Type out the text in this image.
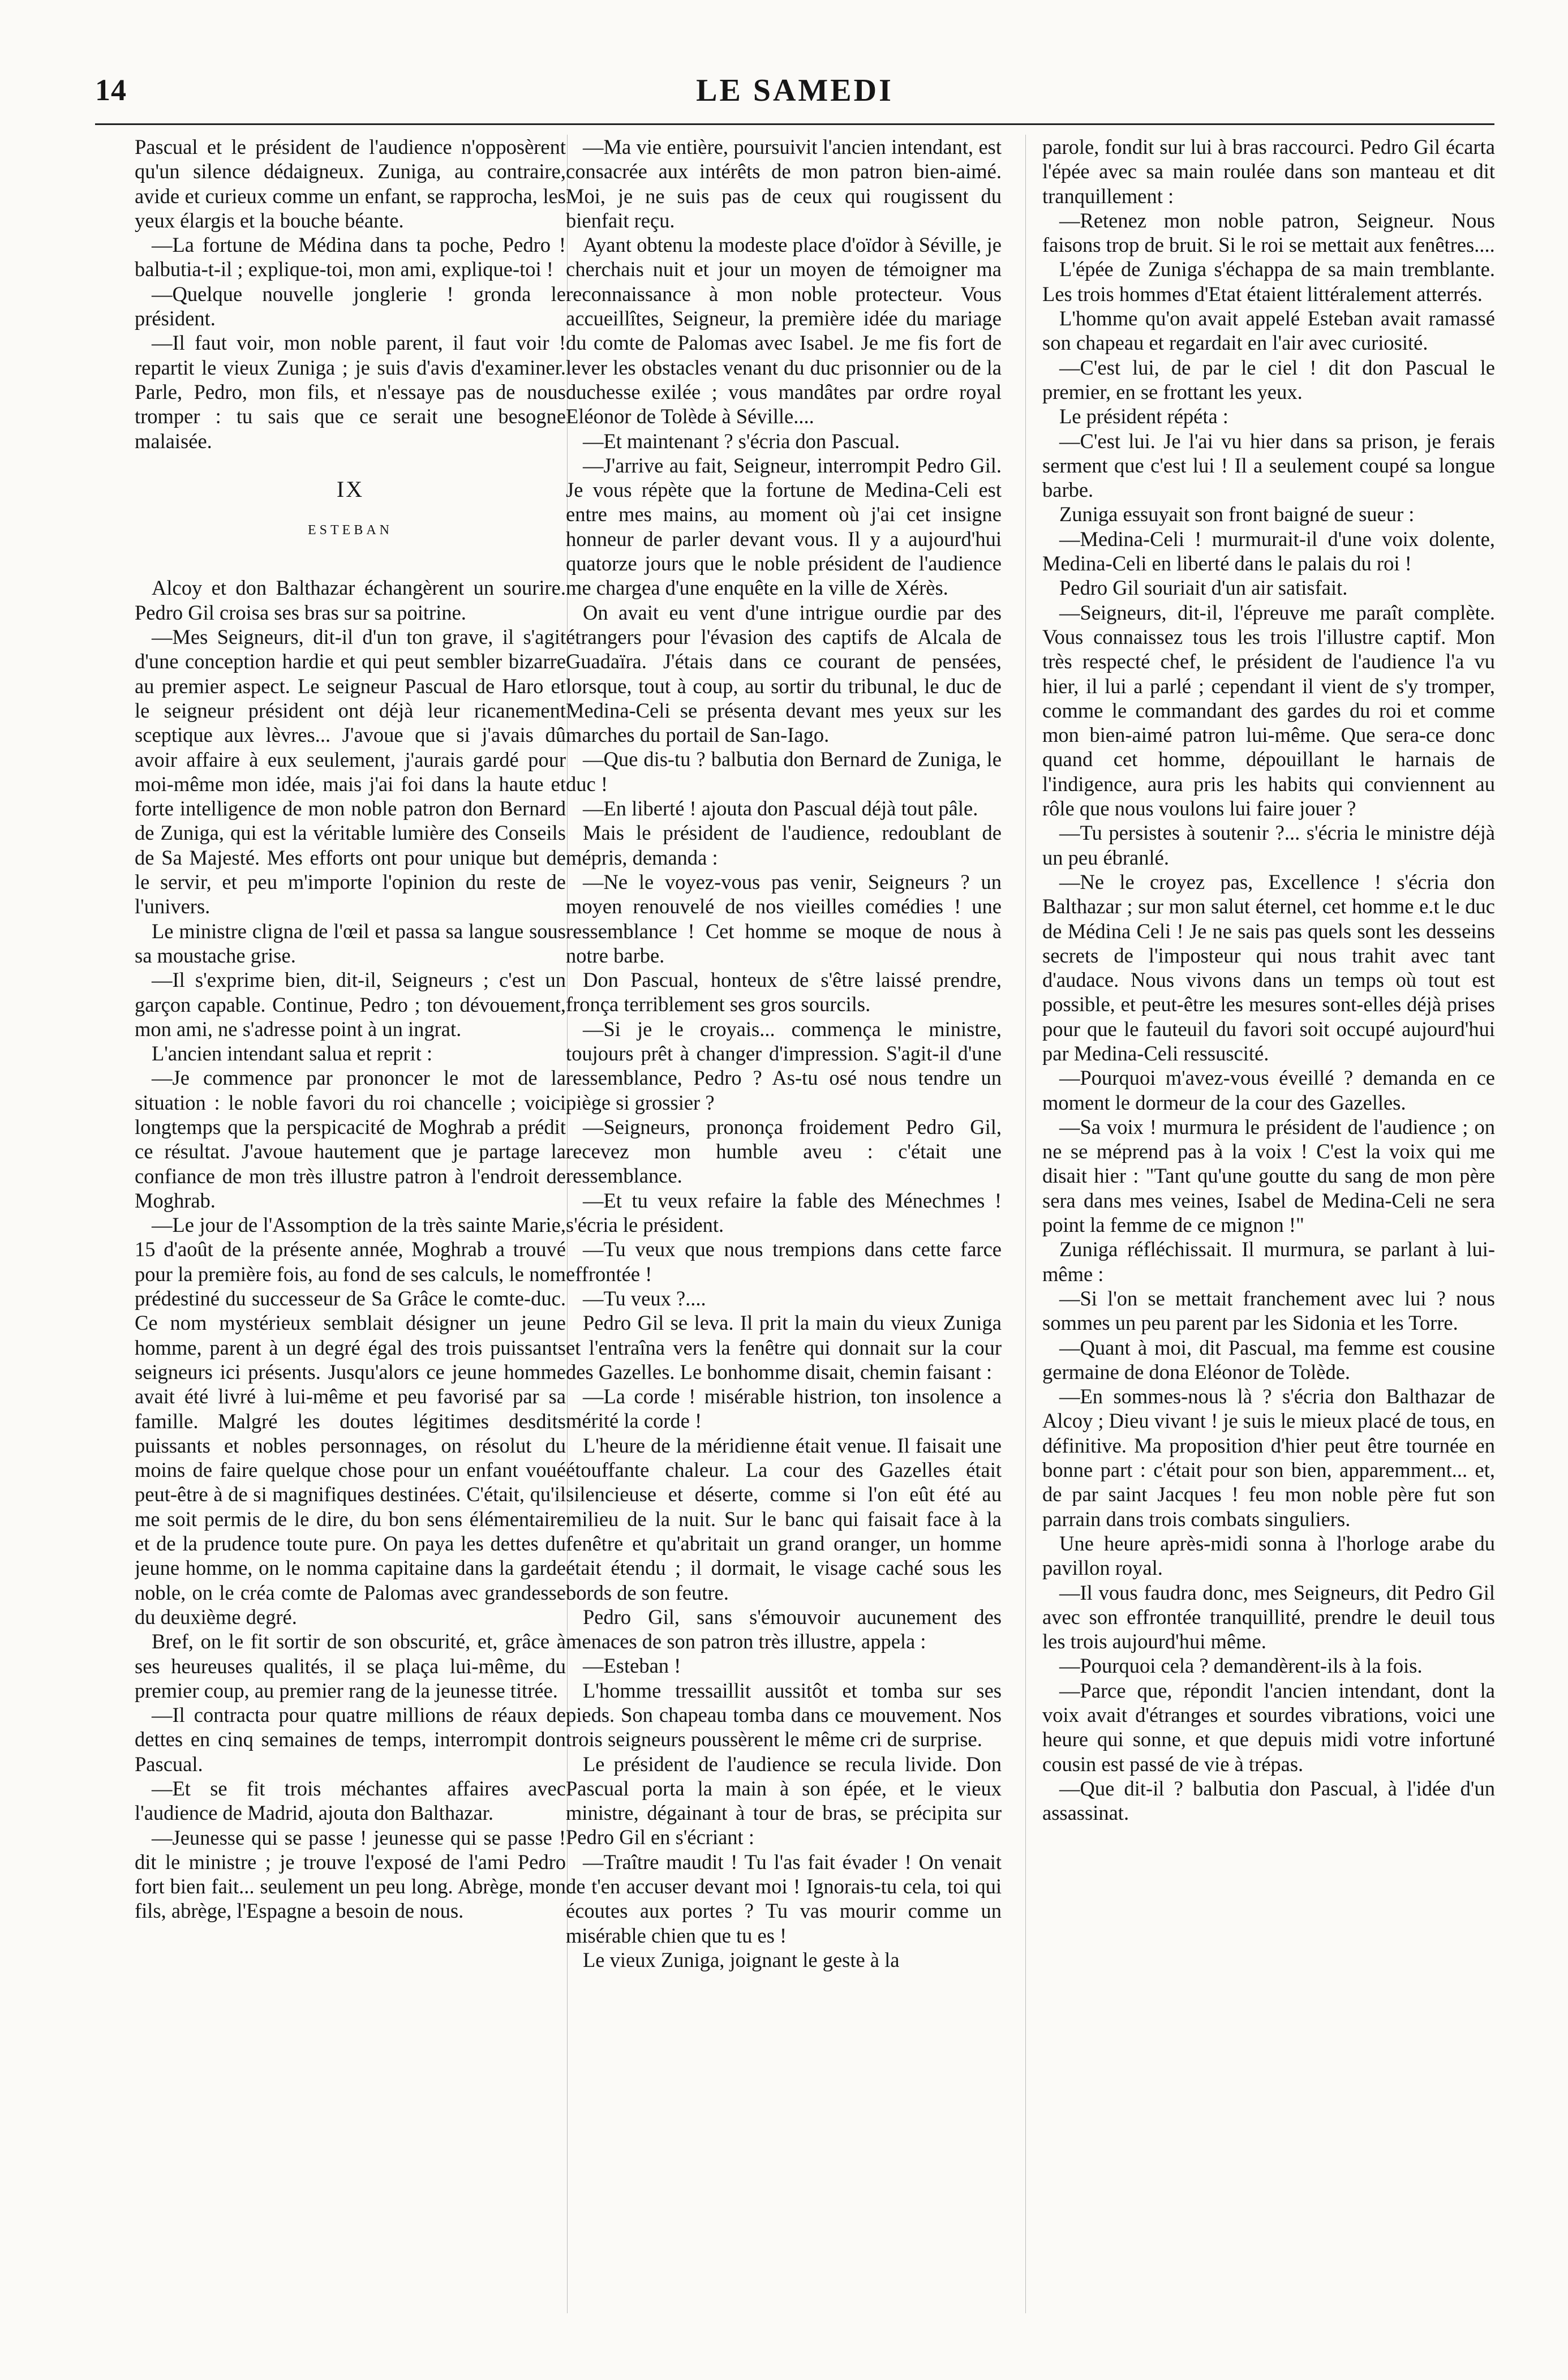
14	LE SAMEDI

Pascual et le président de l'audience n'opposèrent qu'un silence dédaigneux. Zuniga, au contraire, avide et curieux comme un enfant, se rapprocha, les yeux élargis et la bouche béante.

—La fortune de Médina dans ta poche, Pedro ! balbutia-t-il ; explique-toi, mon ami, explique-toi !

—Quelque nouvelle jonglerie ! gronda le président.

—Il faut voir, mon noble parent, il faut voir ! repartit le vieux Zuniga ; je suis d'avis d'examiner. Parle, Pedro, mon fils, et n'essaye pas de nous tromper : tu sais que ce serait une besogne malaisée.

IX
ESTEBAN

Alcoy et don Balthazar échangèrent un sourire. Pedro Gil croisa ses bras sur sa poitrine.

—Mes Seigneurs, dit-il d'un ton grave, il s'agit d'une conception hardie et qui peut sembler bizarre au premier aspect. Le seigneur Pascual de Haro et le seigneur président ont déjà leur ricanement sceptique aux lèvres... J'avoue que si j'avais dû avoir affaire à eux seulement, j'aurais gardé pour moi-même mon idée, mais j'ai foi dans la haute et forte intelligence de mon noble patron don Bernard de Zuniga, qui est la véritable lumière des Conseils de Sa Majesté. Mes efforts ont pour unique but de le servir, et peu m'importe l'opinion du reste de l'univers.

Le ministre cligna de l'œil et passa sa langue sous sa moustache grise.

—Il s'exprime bien, dit-il, Seigneurs ; c'est un garçon capable. Continue, Pedro ; ton dévouement, mon ami, ne s'adresse point à un ingrat.

L'ancien intendant salua et reprit :

—Je commence par prononcer le mot de la situation : le noble favori du roi chancelle ; voici longtemps que la perspicacité de Moghrab a prédit ce résultat. J'avoue hautement que je partage la confiance de mon très illustre patron à l'endroit de Moghrab.

—Le jour de l'Assomption de la très sainte Marie, 15 d'août de la présente année, Moghrab a trouvé pour la première fois, au fond de ses calculs, le nom prédestiné du successeur de Sa Grâce le comte-duc. Ce nom mystérieux semblait désigner un jeune homme, parent à un degré égal des trois puissants seigneurs ici présents. Jusqu'alors ce jeune homme avait été livré à lui-même et peu favorisé par sa famille. Malgré les doutes légitimes desdits puissants et nobles personnages, on résolut du moins de faire quelque chose pour un enfant voué peut-être à de si magnifiques destinées. C'était, qu'il me soit permis de le dire, du bon sens élémentaire et de la prudence toute pure. On paya les dettes du jeune homme, on le nomma capitaine dans la garde noble, on le créa comte de Palomas avec grandesse du deuxième degré.

Bref, on le fit sortir de son obscurité, et, grâce à ses heureuses qualités, il se plaça lui-même, du premier coup, au premier rang de la jeunesse titrée.

—Il contracta pour quatre millions de réaux de dettes en cinq semaines de temps, interrompit don Pascual.

—Et se fit trois méchantes affaires avec l'audience de Madrid, ajouta don Balthazar.

—Jeunesse qui se passe ! jeunesse qui se passe ! dit le ministre ; je trouve l'exposé de l'ami Pedro fort bien fait... seulement un peu long. Abrège, mon fils, abrège, l'Espagne a besoin de nous.

—Ma vie entière, poursuivit l'ancien intendant, est consacrée aux intérêts de mon patron bien-aimé. Moi, je ne suis pas de ceux qui rougissent du bienfait reçu.

Ayant obtenu la modeste place d'oïdor à Séville, je cherchais nuit et jour un moyen de témoigner ma reconnaissance à mon noble protecteur. Vous accueillîtes, Seigneur, la première idée du mariage du comte de Palomas avec Isabel. Je me fis fort de lever les obstacles venant du duc prisonnier ou de la duchesse exilée ; vous mandâtes par ordre royal Eléonor de Tolède à Séville....

—Et maintenant ? s'écria don Pascual.

—J'arrive au fait, Seigneur, interrompit Pedro Gil. Je vous répète que la fortune de Medina-Celi est entre mes mains, au moment où j'ai cet insigne honneur de parler devant vous. Il y a aujourd'hui quatorze jours que le noble président de l'audience me chargea d'une enquête en la ville de Xérès.

On avait eu vent d'une intrigue ourdie par des étrangers pour l'évasion des captifs de Alcala de Guadaïra. J'étais dans ce courant de pensées, lorsque, tout à coup, au sortir du tribunal, le duc de Medina-Celi se présenta devant mes yeux sur les marches du portail de San-Iago.

—Que dis-tu ? balbutia don Bernard de Zuniga, le duc !

—En liberté ! ajouta don Pascual déjà tout pâle.

Mais le président de l'audience, redoublant de mépris, demanda :

—Ne le voyez-vous pas venir, Seigneurs ? un moyen renouvelé de nos vieilles comédies ! une ressemblance ! Cet homme se moque de nous à notre barbe.

Don Pascual, honteux de s'être laissé prendre, fronça terriblement ses gros sourcils.

—Si je le croyais... commença le ministre, toujours prêt à changer d'impression. S'agit-il d'une ressemblance, Pedro ? As-tu osé nous tendre un piège si grossier ?

—Seigneurs, prononça froidement Pedro Gil, recevez mon humble aveu : c'était une ressemblance.

—Et tu veux refaire la fable des Ménechmes ! s'écria le président.

—Tu veux que nous trempions dans cette farce effrontée !

—Tu veux ?....

Pedro Gil se leva. Il prit la main du vieux Zuniga et l'entraîna vers la fenêtre qui donnait sur la cour des Gazelles. Le bonhomme disait, chemin faisant :

—La corde ! misérable histrion, ton insolence a mérité la corde !

L'heure de la méridienne était venue. Il faisait une étouffante chaleur. La cour des Gazelles était silencieuse et déserte, comme si l'on eût été au milieu de la nuit. Sur le banc qui faisait face à la fenêtre et qu'abritait un grand oranger, un homme était étendu ; il dormait, le visage caché sous les bords de son feutre.

Pedro Gil, sans s'émouvoir aucunement des menaces de son patron très illustre, appela :

—Esteban !

L'homme tressaillit aussitôt et tomba sur ses pieds. Son chapeau tomba dans ce mouvement. Nos trois seigneurs poussèrent le même cri de surprise.

Le président de l'audience se recula livide. Don Pascual porta la main à son épée, et le vieux ministre, dégainant à tour de bras, se précipita sur Pedro Gil en s'écriant :

—Traître maudit ! Tu l'as fait évader ! On venait de t'en accuser devant moi ! Ignorais-tu cela, toi qui écoutes aux portes ? Tu vas mourir comme un misérable chien que tu es !

Le vieux Zuniga, joignant le geste à la

parole, fondit sur lui à bras raccourci. Pedro Gil écarta l'épée avec sa main roulée dans son manteau et dit tranquillement :

—Retenez mon noble patron, Seigneur. Nous faisons trop de bruit. Si le roi se mettait aux fenêtres....

L'épée de Zuniga s'échappa de sa main tremblante. Les trois hommes d'Etat étaient littéralement atterrés.

L'homme qu'on avait appelé Esteban avait ramassé son chapeau et regardait en l'air avec curiosité.

—C'est lui, de par le ciel ! dit don Pascual le premier, en se frottant les yeux.

Le président répéta :

—C'est lui. Je l'ai vu hier dans sa prison, je ferais serment que c'est lui ! Il a seulement coupé sa longue barbe.

Zuniga essuyait son front baigné de sueur :

—Medina-Celi ! murmurait-il d'une voix dolente, Medina-Celi en liberté dans le palais du roi !

Pedro Gil souriait d'un air satisfait.

—Seigneurs, dit-il, l'épreuve me paraît complète. Vous connaissez tous les trois l'illustre captif. Mon très respecté chef, le président de l'audience l'a vu hier, il lui a parlé ; cependant il vient de s'y tromper, comme le commandant des gardes du roi et comme mon bien-aimé patron lui-même. Que sera-ce donc quand cet homme, dépouillant le harnais de l'indigence, aura pris les habits qui conviennent au rôle que nous voulons lui faire jouer ?

—Tu persistes à soutenir ?... s'écria le ministre déjà un peu ébranlé.

—Ne le croyez pas, Excellence ! s'écria don Balthazar ; sur mon salut éternel, cet homme e.t le duc de Médina Celi ! Je ne sais pas quels sont les desseins secrets de l'imposteur qui nous trahit avec tant d'audace. Nous vivons dans un temps où tout est possible, et peut-être les mesures sont-elles déjà prises pour que le fauteuil du favori soit occupé aujourd'hui par Medina-Celi ressuscité.

—Pourquoi m'avez-vous éveillé ? demanda en ce moment le dormeur de la cour des Gazelles.

—Sa voix ! murmura le président de l'audience ; on ne se méprend pas à la voix ! C'est la voix qui me disait hier : "Tant qu'une goutte du sang de mon père sera dans mes veines, Isabel de Medina-Celi ne sera point la femme de ce mignon !"

Zuniga réfléchissait. Il murmura, se parlant à lui-même :

—Si l'on se mettait franchement avec lui ? nous sommes un peu parent par les Sidonia et les Torre.

—Quant à moi, dit Pascual, ma femme est cousine germaine de dona Eléonor de Tolède.

—En sommes-nous là ? s'écria don Balthazar de Alcoy ; Dieu vivant ! je suis le mieux placé de tous, en définitive. Ma proposition d'hier peut être tournée en bonne part : c'était pour son bien, apparemment... et, de par saint Jacques ! feu mon noble père fut son parrain dans trois combats singuliers.

Une heure après-midi sonna à l'horloge arabe du pavillon royal.

—Il vous faudra donc, mes Seigneurs, dit Pedro Gil avec son effrontée tranquillité, prendre le deuil tous les trois aujourd'hui même.

—Pourquoi cela ? demandèrent-ils à la fois.

—Parce que, répondit l'ancien intendant, dont la voix avait d'étranges et sourdes vibrations, voici une heure qui sonne, et que depuis midi votre infortuné cousin est passé de vie à trépas.

—Que dit-il ? balbutia don Pascual, à l'idée d'un assassinat.
